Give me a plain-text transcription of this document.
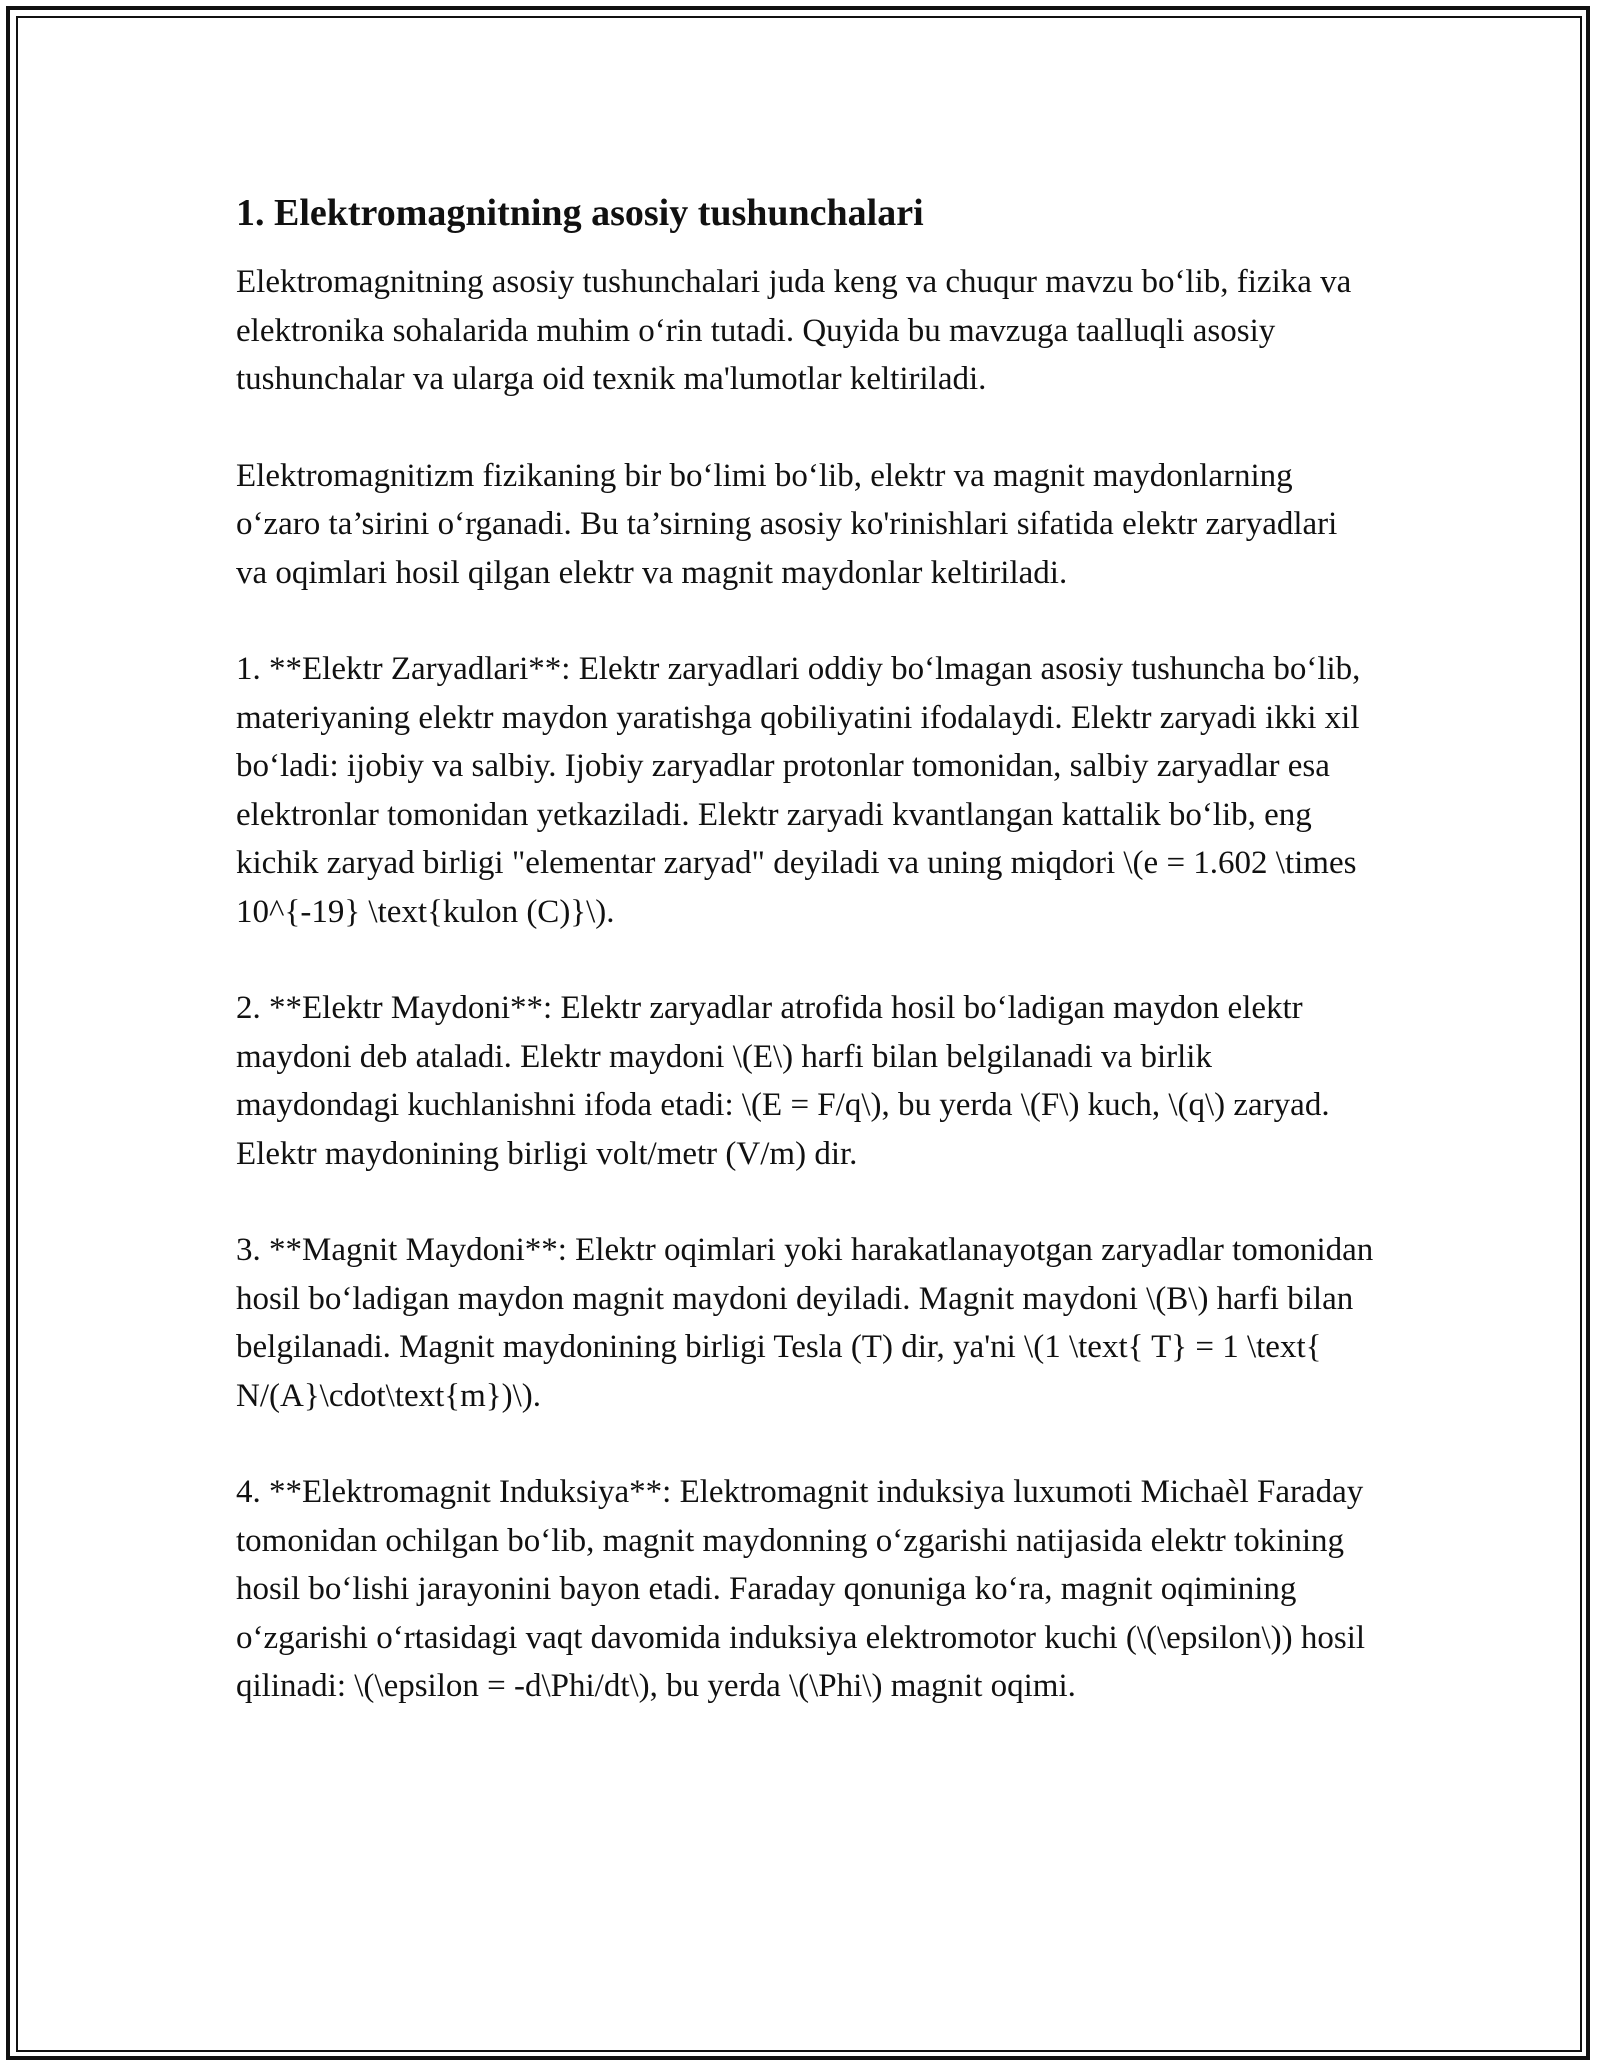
1. Elektromagnitning asosiy tushunchalari

Elektromagnitning asosiy tushunchalari juda keng va chuqur mavzu bo‘lib, fizika va elektronika sohalarida muhim o‘rin tutadi. Quyida bu mavzuga taalluqli asosiy tushunchalar va ularga oid texnik ma'lumotlar keltiriladi.

Elektromagnitizm fizikaning bir bo‘limi bo‘lib, elektr va magnit maydonlarning o‘zaro ta’sirini o‘rganadi. Bu ta’sirning asosiy ko'rinishlari sifatida elektr zaryadlari va oqimlari hosil qilgan elektr va magnit maydonlar keltiriladi.

1. **Elektr Zaryadlari**: Elektr zaryadlari oddiy bo‘lmagan asosiy tushuncha bo‘lib, materiyaning elektr maydon yaratishga qobiliyatini ifodalaydi. Elektr zaryadi ikki xil bo‘ladi: ijobiy va salbiy. Ijobiy zaryadlar protonlar tomonidan, salbiy zaryadlar esa elektronlar tomonidan yetkaziladi. Elektr zaryadi kvantlangan kattalik bo‘lib, eng kichik zaryad birligi "elementar zaryad" deyiladi va uning miqdori \(e = 1.602 \times 10^{-19} \text{kulon (C)}\).

2. **Elektr Maydoni**: Elektr zaryadlar atrofida hosil bo‘ladigan maydon elektr maydoni deb ataladi. Elektr maydoni \(E\) harfi bilan belgilanadi va birlik maydondagi kuchlanishni ifoda etadi: \(E = F/q\), bu yerda \(F\) kuch, \(q\) zaryad. Elektr maydonining birligi volt/metr (V/m) dir.

3. **Magnit Maydoni**: Elektr oqimlari yoki harakatlanayotgan zaryadlar tomonidan hosil bo‘ladigan maydon magnit maydoni deyiladi. Magnit maydoni \(B\) harfi bilan belgilanadi. Magnit maydonining birligi Tesla (T) dir, ya'ni \(1 \text{ T} = 1 \text{ N/(A}\cdot\text{m})\).

4. **Elektromagnit Induksiya**: Elektromagnit induksiya luxumoti Michaèl Faraday tomonidan ochilgan bo‘lib, magnit maydonning o‘zgarishi natijasida elektr tokining hosil bo‘lishi jarayonini bayon etadi. Faraday qonuniga ko‘ra, magnit oqimining o‘zgarishi o‘rtasidagi vaqt davomida induksiya elektromotor kuchi (\(\epsilon\)) hosil qilinadi: \(\epsilon = -d\Phi/dt\), bu yerda \(\Phi\) magnit oqimi.
